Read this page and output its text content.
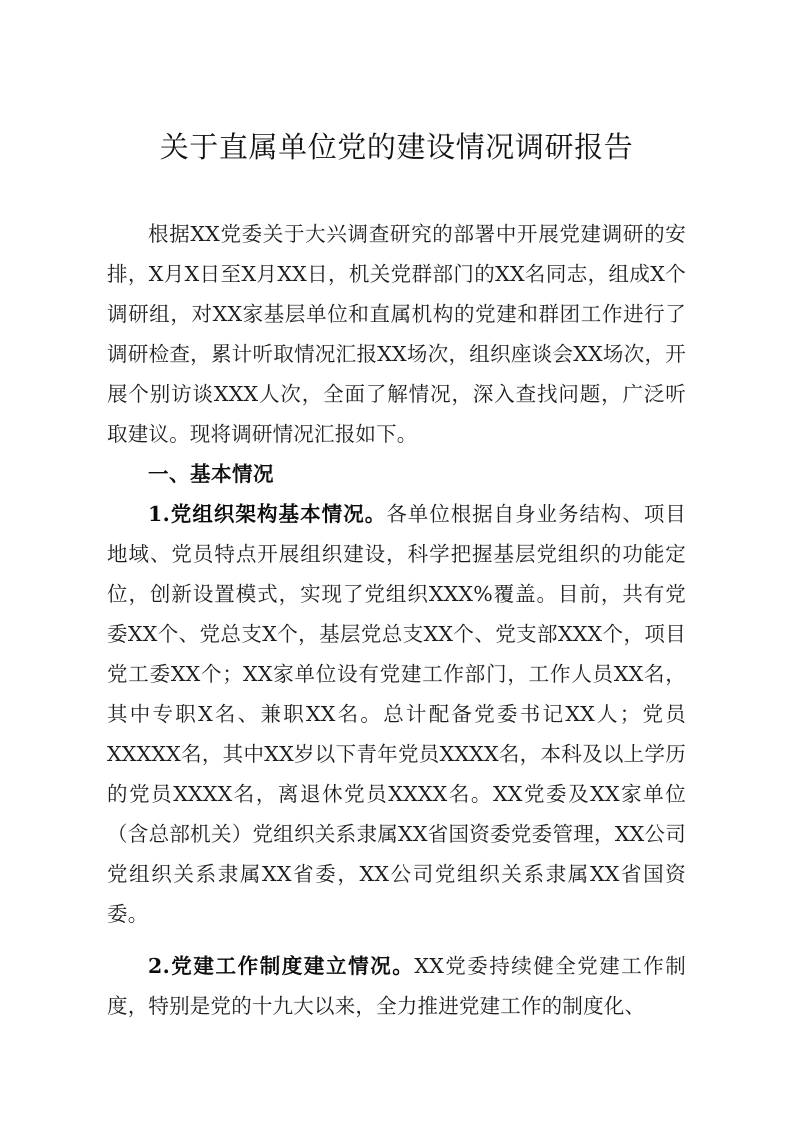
关于直属单位党的建设情况调研报告

根据XX党委关于大兴调查研究的部署中开展党建调研的安排，X月X日至X月XX日，机关党群部门的XX名同志，组成X个调研组，对XX家基层单位和直属机构的党建和群团工作进行了调研检查，累计听取情况汇报XX场次，组织座谈会XX场次，开展个别访谈XXX人次，全面了解情况，深入查找问题，广泛听取建议。现将调研情况汇报如下。

一、基本情况

1.党组织架构基本情况。各单位根据自身业务结构、项目地域、党员特点开展组织建设，科学把握基层党组织的功能定位，创新设置模式，实现了党组织XXX%覆盖。目前，共有党委XX个、党总支X个，基层党总支XX个、党支部XXX个，项目党工委XX个；XX家单位设有党建工作部门，工作人员XX名，其中专职X名、兼职XX名。总计配备党委书记XX人；党员XXXXX名，其中XX岁以下青年党员XXXX名，本科及以上学历的党员XXXX名，离退休党员XXXX名。XX党委及XX家单位（含总部机关）党组织关系隶属XX省国资委党委管理，XX公司党组织关系隶属XX省委，XX公司党组织关系隶属XX省国资委。

2.党建工作制度建立情况。XX党委持续健全党建工作制度，特别是党的十九大以来，全力推进党建工作的制度化、
